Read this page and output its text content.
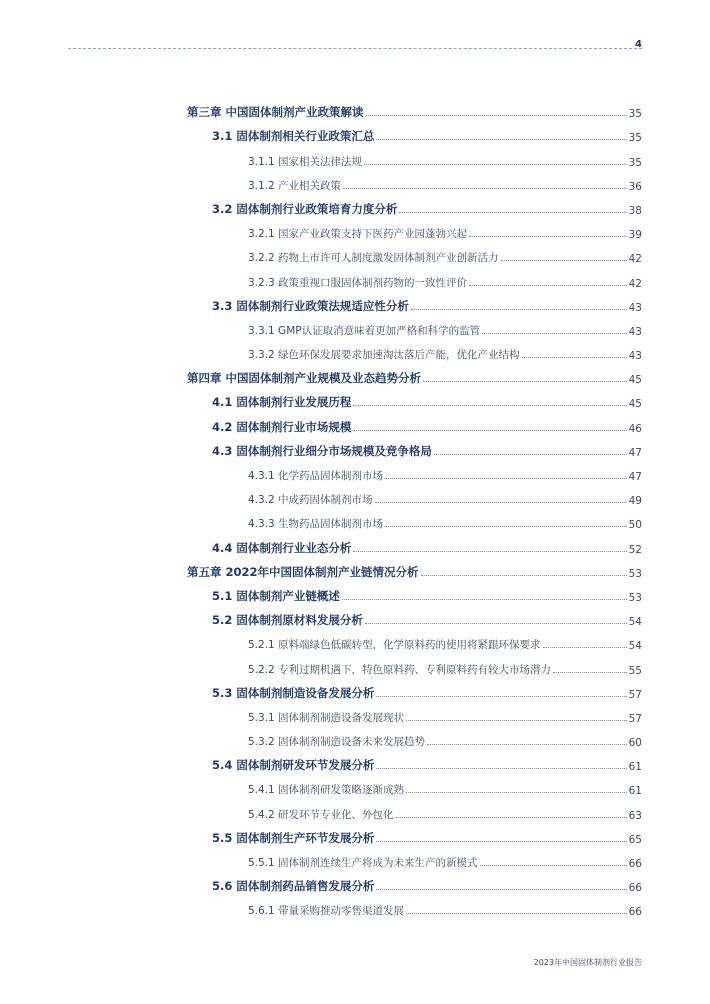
4
第三章 中国固体制剂产业政策解读	35
3.1 固体制剂相关行业政策汇总	35
3.1.1 国家相关法律法规	35
3.1.2 产业相关政策	36
3.2 固体制剂行业政策培育力度分析	38
3.2.1 国家产业政策支持下医药产业园蓬勃兴起	39
3.2.2 药物上市许可人制度激发固体制剂产业创新活力	42
3.2.3 政策重视口服固体制剂药物的一致性评价	42
3.3 固体制剂行业政策法规适应性分析	43
3.3.1 GMP认证取消意味着更加严格和科学的监管	43
3.3.2 绿色环保发展要求加速淘汰落后产能，优化产业结构	43
第四章 中国固体制剂产业规模及业态趋势分析	45
4.1 固体制剂行业发展历程	45
4.2 固体制剂行业市场规模	46
4.3 固体制剂行业细分市场规模及竞争格局	47
4.3.1 化学药品固体制剂市场	47
4.3.2 中成药固体制剂市场	49
4.3.3 生物药品固体制剂市场	50
4.4 固体制剂行业业态分析	52
第五章 2022年中国固体制剂产业链情况分析	53
5.1 固体制剂产业链概述	53
5.2 固体制剂原材料发展分析	54
5.2.1 原料端绿色低碳转型，化学原料药的使用将紧跟环保要求	54
5.2.2 专利过期机遇下，特色原料药、专利原料药有较大市场潜力	55
5.3 固体制剂制造设备发展分析	57
5.3.1 固体制剂制造设备发展现状	57
5.3.2 固体制剂制造设备未来发展趋势	60
5.4 固体制剂研发环节发展分析	61
5.4.1 固体制剂研发策略逐渐成熟	61
5.4.2 研发环节专业化、外包化	63
5.5 固体制剂生产环节发展分析	65
5.5.1 固体制剂连续生产将成为未来生产的新模式	66
5.6 固体制剂药品销售发展分析	66
5.6.1 带量采购推动零售渠道发展	66
2023年中国固体制剂行业报告
